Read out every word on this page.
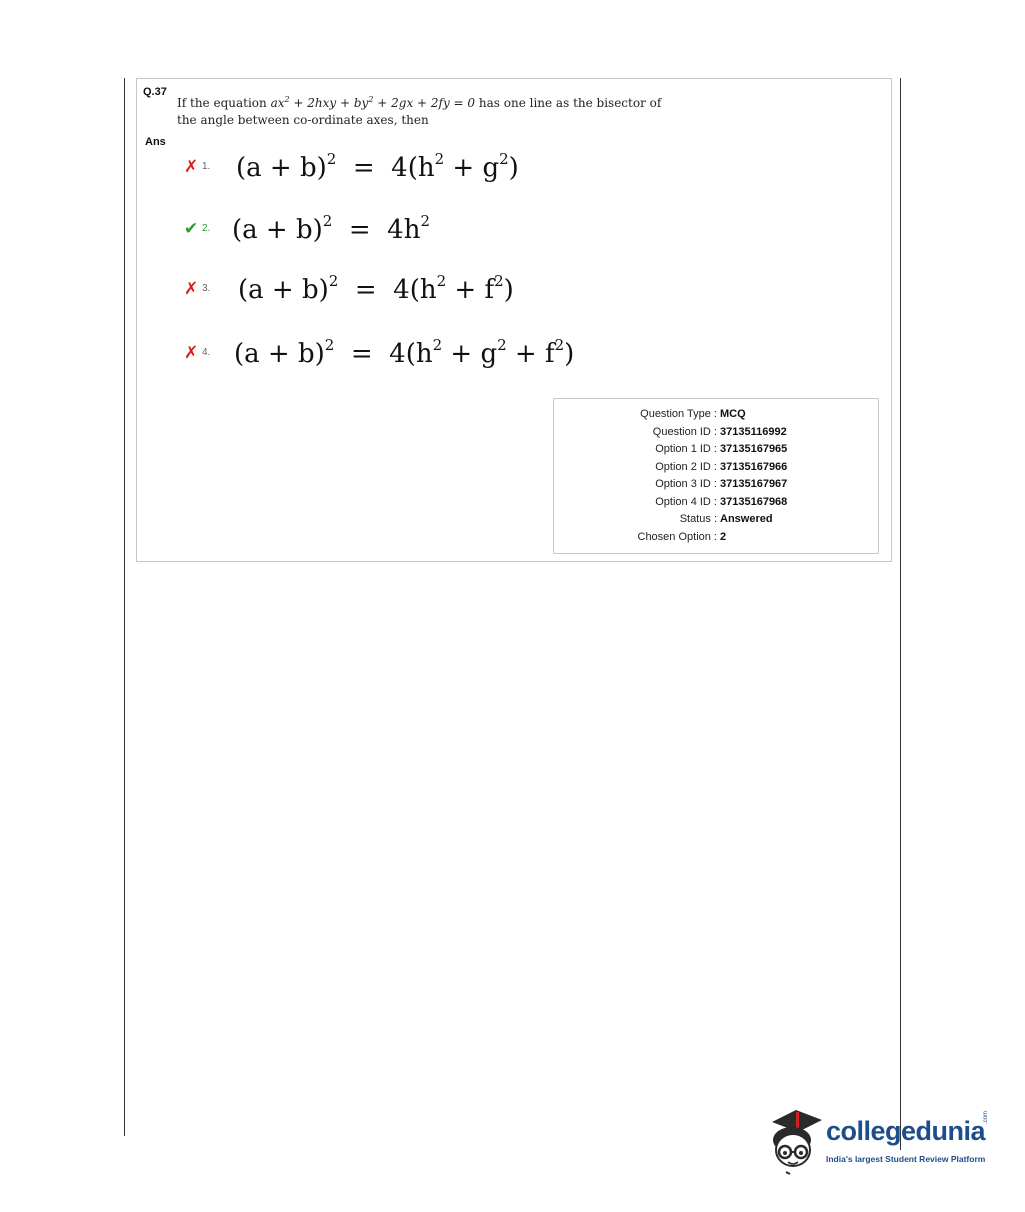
Q.37
If the equation $ax^2 + 2hxy + by^2 + 2gx + 2fy = 0$ has one line as the bisector of
the angle between co-ordinate axes, then
Ans
✗ 1. $(a + b)^2 = 4(h^2 + g^2)$
✔ 2. $(a + b)^2 = 4h^2$
✗ 3. $(a + b)^2 = 4(h^2 + f^2)$
✗ 4. $(a + b)^2 = 4(h^2 + g^2 + f^2)$
Question Type : MCQ
Question ID : 37135116992
Option 1 ID : 37135167965
Option 2 ID : 37135167966
Option 3 ID : 37135167967
Option 4 ID : 37135167968
Status : Answered
Chosen Option : 2
collegedunia
.com
India's largest Student Review Platform
